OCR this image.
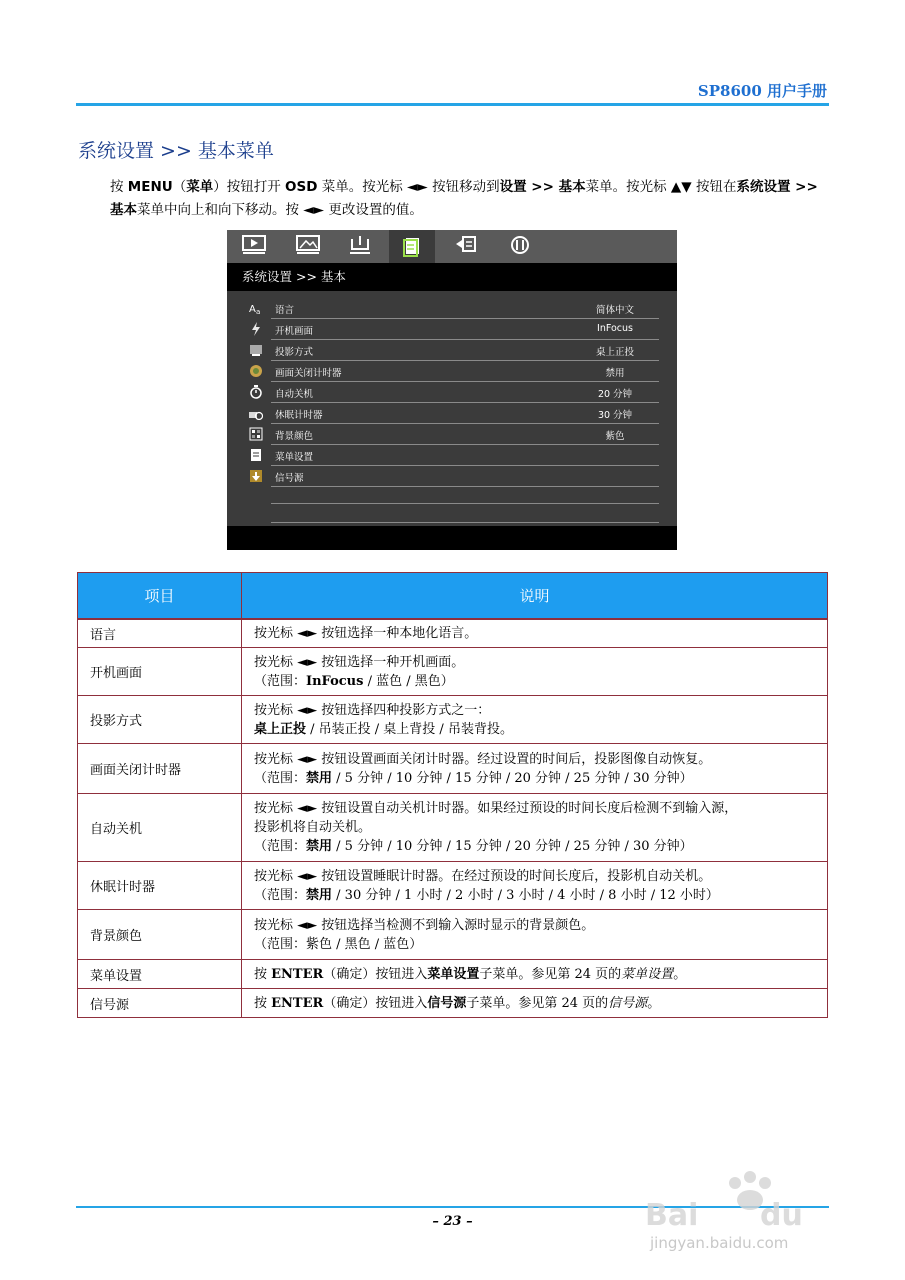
SP8600 用户手册
系统设置 >> 基本菜单
按 MENU（菜单）按钮打开 OSD 菜单。按光标 ◄► 按钮移动到设置 >> 基本菜单。按光标 ▲▼ 按钮在系统设置 >> 基本菜单中向上和向下移动。按 ◄► 更改设置的值。
系统设置 >> 基本
A a 语言	简体中文
开机画面	InFocus
投影方式	桌上正投
画面关闭计时器	禁用
自动关机	20 分钟
休眠计时器	30 分钟
背景颜色	紫色
菜单设置
信号源
项目	说明
语言	按光标 ◄► 按钮选择一种本地化语言。
开机画面	按光标 ◄► 按钮选择一种开机画面。
（范围：InFocus / 蓝色 / 黑色）
投影方式	按光标 ◄► 按钮选择四种投影方式之一：
桌上正投 / 吊装正投 / 桌上背投 / 吊装背投。
画面关闭计时器	按光标 ◄► 按钮设置画面关闭计时器。经过设置的时间后，投影图像自动恢复。
（范围：禁用 / 5 分钟 / 10 分钟 / 15 分钟 / 20 分钟 / 25 分钟 / 30 分钟）
自动关机	按光标 ◄► 按钮设置自动关机计时器。如果经过预设的时间长度后检测不到输入源，
投影机将自动关机。
（范围：禁用 / 5 分钟 / 10 分钟 / 15 分钟 / 20 分钟 / 25 分钟 / 30 分钟）
休眠计时器	按光标 ◄► 按钮设置睡眠计时器。在经过预设的时间长度后，投影机自动关机。
（范围：禁用 / 30 分钟 / 1 小时 / 2 小时 / 3 小时 / 4 小时 / 8 小时 / 12 小时）
背景颜色	按光标 ◄► 按钮选择当检测不到输入源时显示的背景颜色。
（范围：紫色 / 黑色 / 蓝色）
菜单设置	按 ENTER（确定）按钮进入菜单设置子菜单。参见第 24 页的菜单设置。
信号源	按 ENTER（确定）按钮进入信号源子菜单。参见第 24 页的信号源。
– 23 –	Bai du
jingyan.baidu.com
